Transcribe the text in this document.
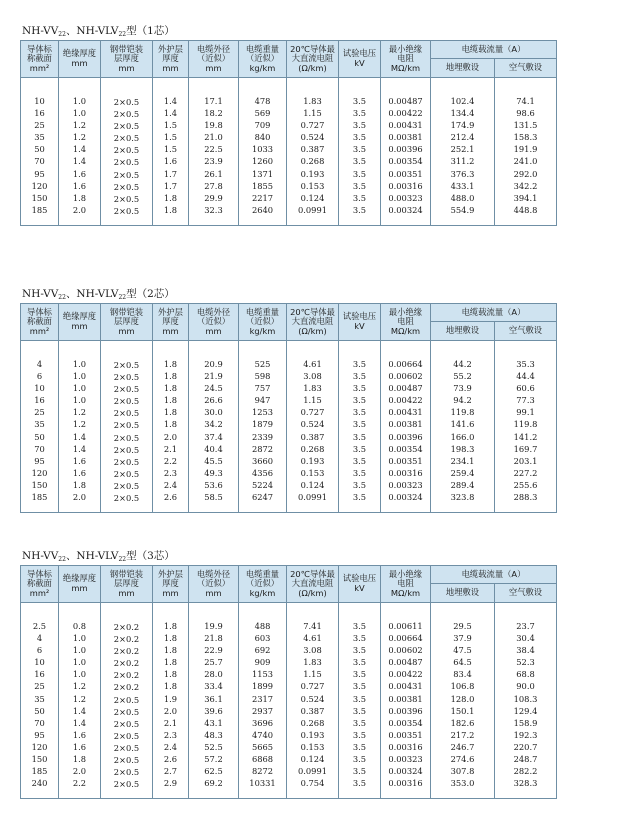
$NH-VV_{22}$、$NH-VLV_{22}$型（1芯）
导体标
称截面
mm²	绝缘厚度
mm	钢带铠装
层厚度
mm	外护层
厚度
mm	电缆外径
（近似）
mm	电缆重量
（近似）
kg/km	20℃导体最
大直流电阻
(Ω/km)	试验电压
kV	最小绝缘
电阻
MΩ/km	电缆载流量（A）	
									地埋敷设	空气敷设

10	1.0	2×0.5	1.4	17.1	478	1.83	3.5	0.00487	102.4	74.1
16	1.0	2×0.5	1.4	18.2	569	1.15	3.5	0.00422	134.4	98.6
25	1.2	2×0.5	1.5	19.8	709	0.727	3.5	0.00431	174.9	131.5
35	1.2	2×0.5	1.5	21.0	840	0.524	3.5	0.00381	212.4	158.3
50	1.4	2×0.5	1.5	22.5	1033	0.387	3.5	0.00396	252.1	191.9
70	1.4	2×0.5	1.6	23.9	1260	0.268	3.5	0.00354	311.2	241.0
95	1.6	2×0.5	1.7	26.1	1371	0.193	3.5	0.00351	376.3	292.0
120	1.6	2×0.5	1.7	27.8	1855	0.153	3.5	0.00316	433.1	342.2
150	1.8	2×0.5	1.8	29.9	2217	0.124	3.5	0.00323	488.0	394.1
185	2.0	2×0.5	1.8	32.3	2640	0.0991	3.5	0.00324	554.9	448.8

$NH-VV_{22}$、$NH-VLV_{22}$型（2芯）
导体标
称截面
mm²	绝缘厚度
mm	钢带铠装
层厚度
mm	外护层
厚度
mm	电缆外径
（近似）
mm	电缆重量
（近似）
kg/km	20℃导体最
大直流电阻
(Ω/km)	试验电压
kV	最小绝缘
电阻
MΩ/km	电缆载流量（A）	
									地埋敷设	空气敷设

4	1.0	2×0.5	1.8	20.9	525	4.61	3.5	0.00664	44.2	35.3
6	1.0	2×0.5	1.8	21.9	598	3.08	3.5	0.00602	55.2	44.4
10	1.0	2×0.5	1.8	24.5	757	1.83	3.5	0.00487	73.9	60.6
16	1.0	2×0.5	1.8	26.6	947	1.15	3.5	0.00422	94.2	77.3
25	1.2	2×0.5	1.8	30.0	1253	0.727	3.5	0.00431	119.8	99.1
35	1.2	2×0.5	1.8	34.2	1879	0.524	3.5	0.00381	141.6	119.8
50	1.4	2×0.5	2.0	37.4	2339	0.387	3.5	0.00396	166.0	141.2
70	1.4	2×0.5	2.1	40.4	2872	0.268	3.5	0.00354	198.3	169.7
95	1.6	2×0.5	2.2	45.5	3660	0.193	3.5	0.00351	234.1	203.1
120	1.6	2×0.5	2.3	49.3	4356	0.153	3.5	0.00316	259.4	227.2
150	1.8	2×0.5	2.4	53.6	5224	0.124	3.5	0.00323	289.4	255.6
185	2.0	2×0.5	2.6	58.5	6247	0.0991	3.5	0.00324	323.8	288.3

$NH-VV_{22}$、$NH-VLV_{22}$型（3芯）
导体标
称截面
mm²	绝缘厚度
mm	钢带铠装
层厚度
mm	外护层
厚度
mm	电缆外径
（近似）
mm	电缆重量
（近似）
kg/km	20℃导体最
大直流电阻
(Ω/km)	试验电压
kV	最小绝缘
电阻
MΩ/km	电缆载流量（A）	
									地埋敷设	空气敷设

2.5	0.8	2×0.2	1.8	19.9	488	7.41	3.5	0.00611	29.5	23.7
4	1.0	2×0.2	1.8	21.8	603	4.61	3.5	0.00664	37.9	30.4
6	1.0	2×0.2	1.8	22.9	692	3.08	3.5	0.00602	47.5	38.4
10	1.0	2×0.2	1.8	25.7	909	1.83	3.5	0.00487	64.5	52.3
16	1.0	2×0.2	1.8	28.0	1153	1.15	3.5	0.00422	83.4	68.8
25	1.2	2×0.2	1.8	33.4	1899	0.727	3.5	0.00431	106.8	90.0
35	1.2	2×0.5	1.9	36.1	2317	0.524	3.5	0.00381	128.0	108.3
50	1.4	2×0.5	2.0	39.6	2937	0.387	3.5	0.00396	150.1	129.4
70	1.4	2×0.5	2.1	43.1	3696	0.268	3.5	0.00354	182.6	158.9
95	1.6	2×0.5	2.3	48.3	4740	0.193	3.5	0.00351	217.2	192.3
120	1.6	2×0.5	2.4	52.5	5665	0.153	3.5	0.00316	246.7	220.7
150	1.8	2×0.5	2.6	57.2	6868	0.124	3.5	0.00323	274.6	248.7
185	2.0	2×0.5	2.7	62.5	8272	0.0991	3.5	0.00324	307.8	282.2
240	2.2	2×0.5	2.9	69.2	10331	0.754	3.5	0.00316	353.0	328.3
